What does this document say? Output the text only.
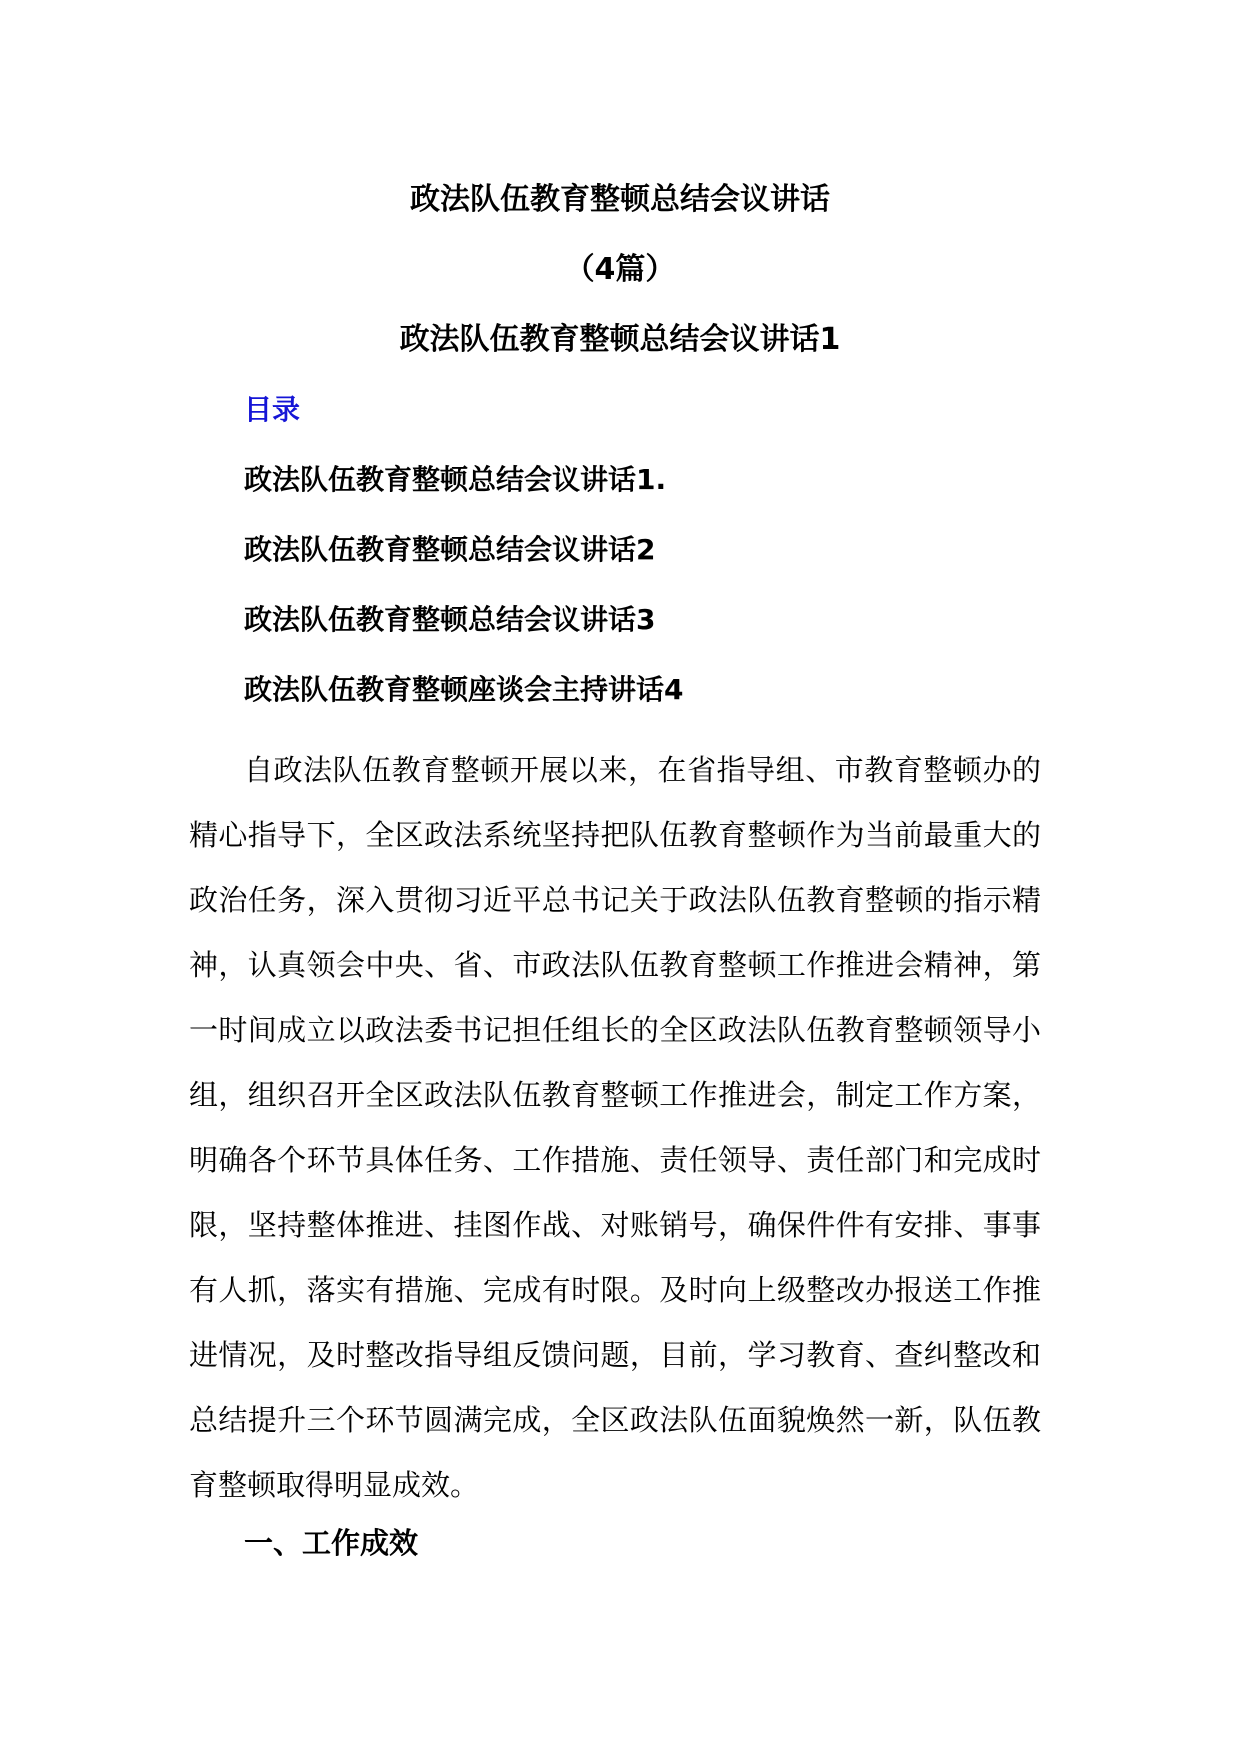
政法队伍教育整顿总结会议讲话
（4篇）
政法队伍教育整顿总结会议讲话1
目录
政法队伍教育整顿总结会议讲话1.
政法队伍教育整顿总结会议讲话2
政法队伍教育整顿总结会议讲话3
政法队伍教育整顿座谈会主持讲话4

自政法队伍教育整顿开展以来，在省指导组、市教育整顿办的精心指导下，全区政法系统坚持把队伍教育整顿作为当前最重大的政治任务，深入贯彻习近平总书记关于政法队伍教育整顿的指示精神，认真领会中央、省、市政法队伍教育整顿工作推进会精神，第一时间成立以政法委书记担任组长的全区政法队伍教育整顿领导小组，组织召开全区政法队伍教育整顿工作推进会，制定工作方案，明确各个环节具体任务、工作措施、责任领导、责任部门和完成时限，坚持整体推进、挂图作战、对账销号，确保件件有安排、事事有人抓，落实有措施、完成有时限。及时向上级整改办报送工作推进情况，及时整改指导组反馈问题，目前，学习教育、查纠整改和总结提升三个环节圆满完成，全区政法队伍面貌焕然一新，队伍教育整顿取得明显成效。

一、工作成效
